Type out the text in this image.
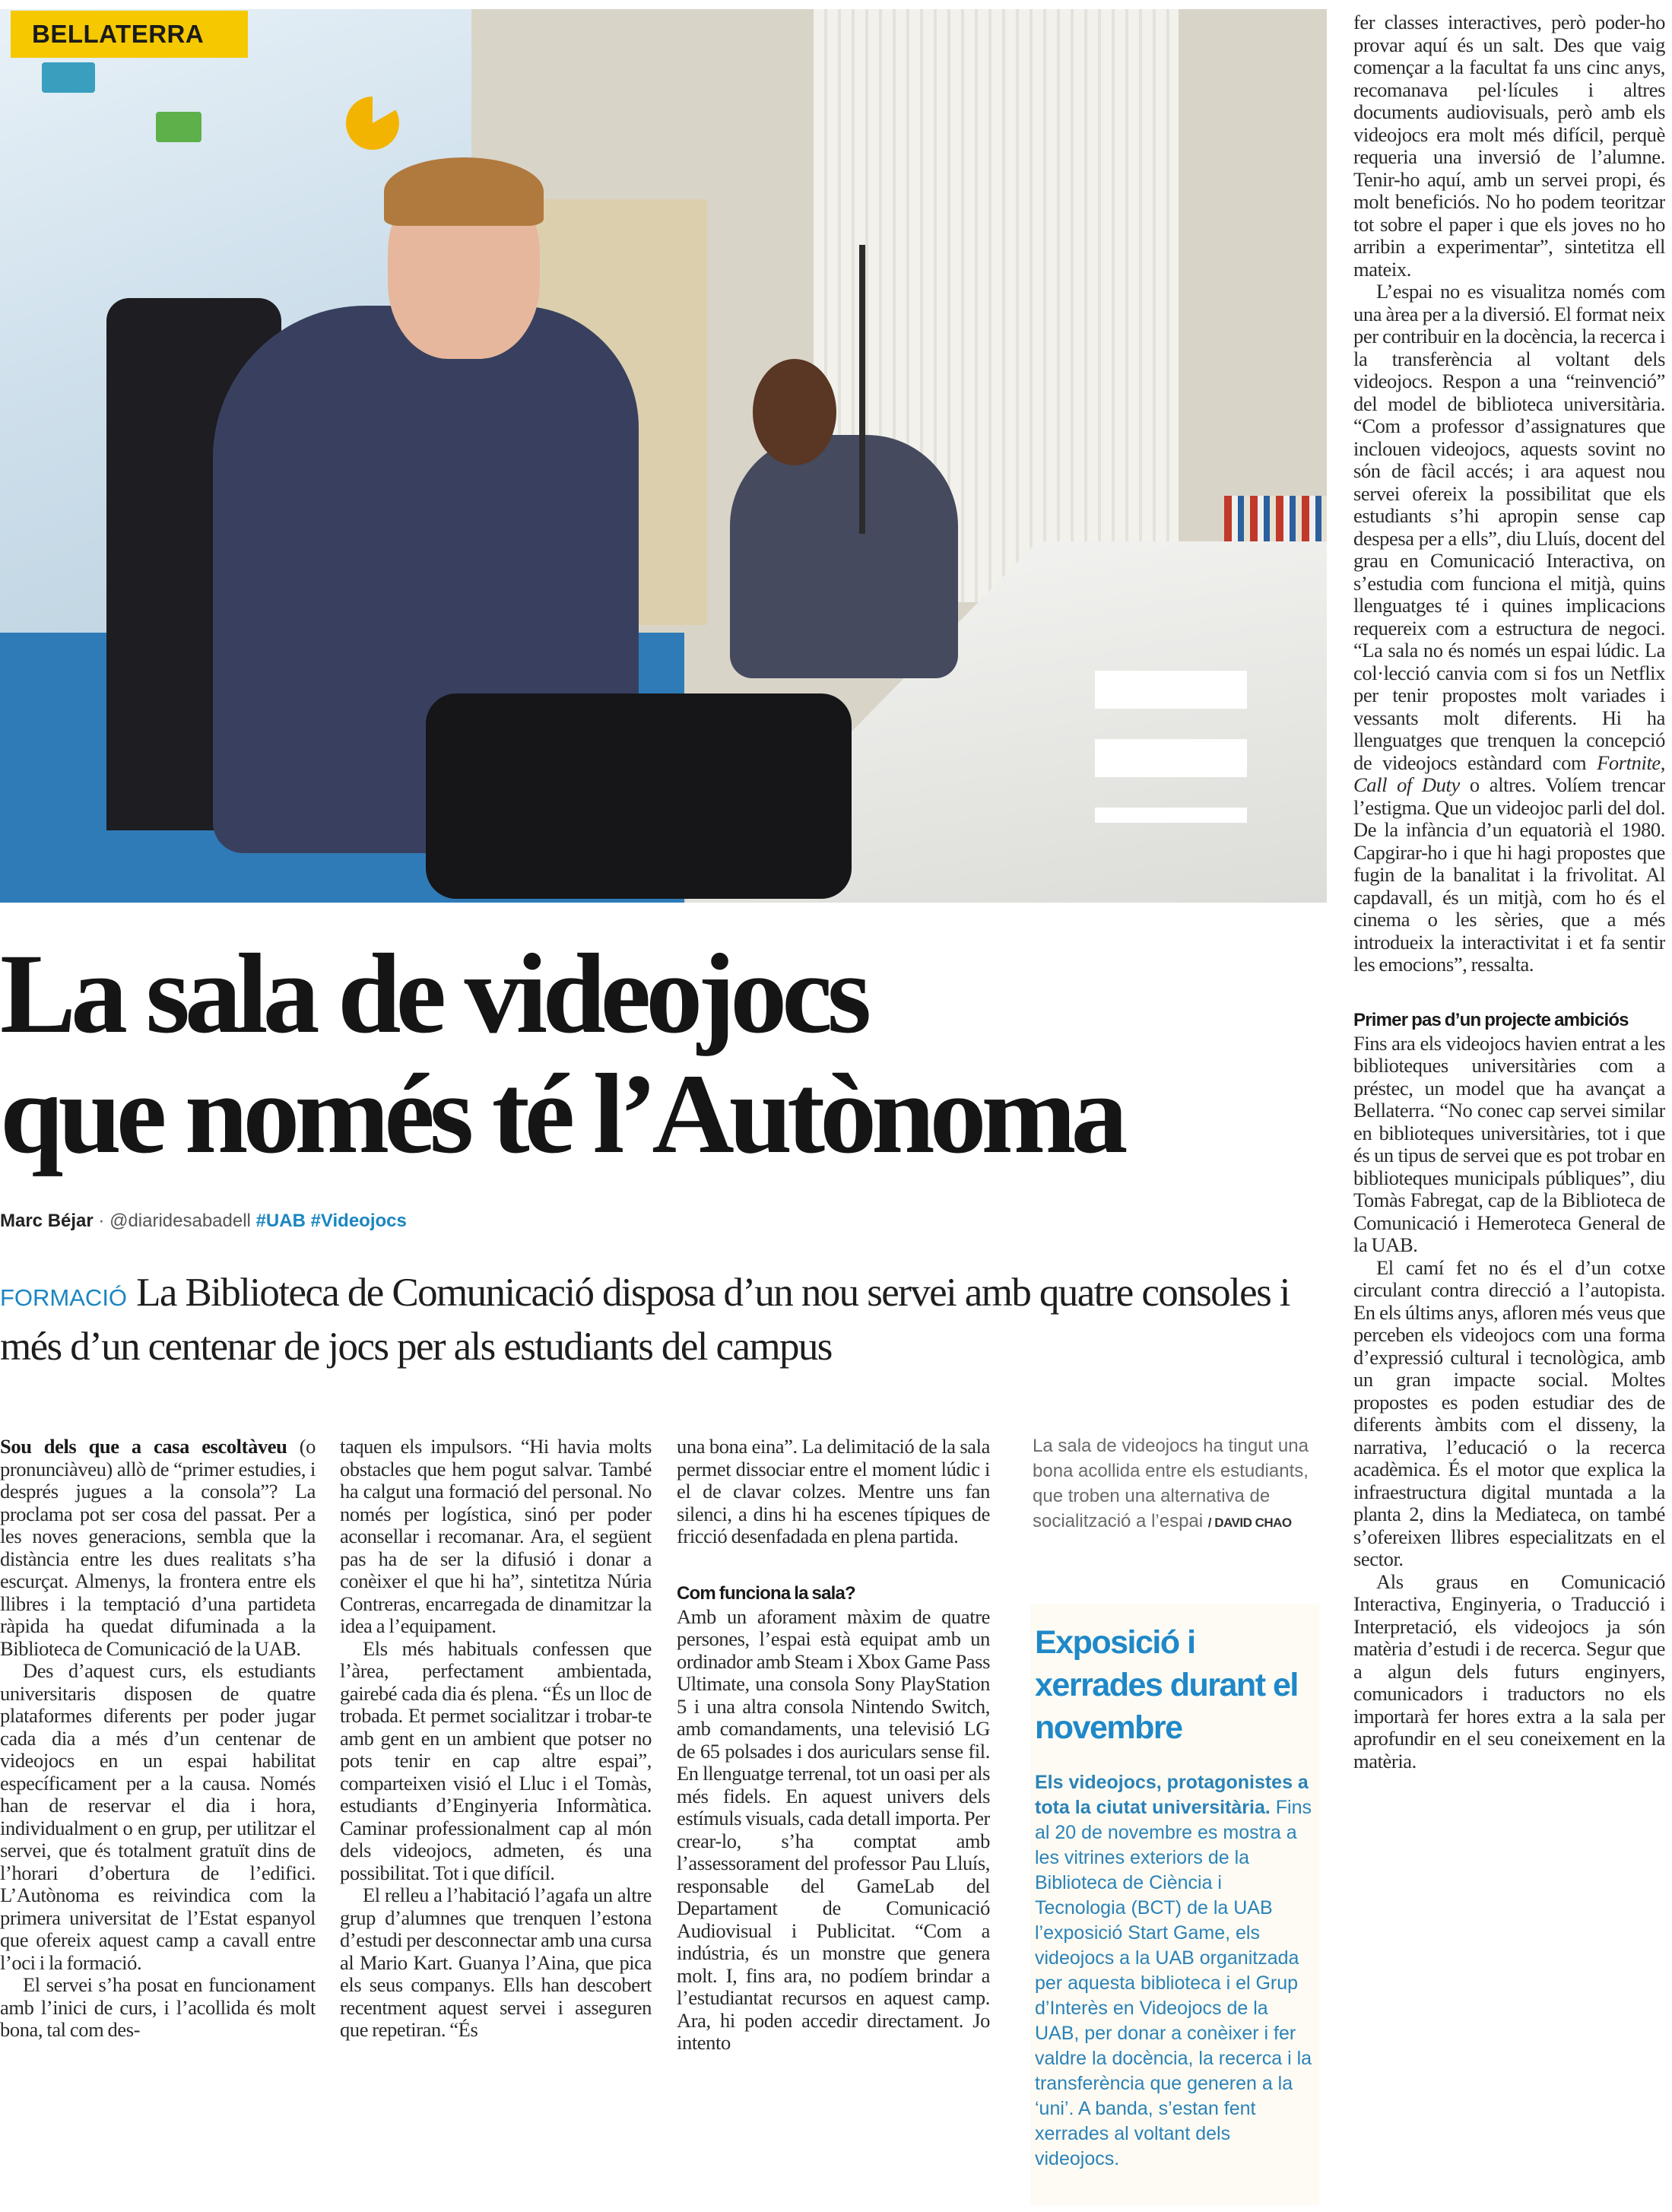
BELLATERRA
La sala de videojocs
que només té l’Autònoma
Marc Béjar · @diaridesabadell #UAB #Videojocs
FORMACIÓ La Biblioteca de Comunicació disposa d’un nou servei amb quatre consoles i més d’un centenar de jocs per als estudiants del campus

Sou dels que a casa escoltàveu (o pronunciàveu) allò de “primer estudies, i després jugues a la consola”? La proclama pot ser cosa del passat. Per a les noves generacions, sembla que la distància entre les dues realitats s’ha escurçat. Almenys, la frontera entre els llibres i la temptació d’una partideta ràpida ha quedat difuminada a la Biblioteca de Comunicació de la UAB.

Des d’aquest curs, els estudiants universitaris disposen de quatre plataformes diferents per poder jugar cada dia a més d’un centenar de videojocs en un espai habilitat específicament per a la causa. Només han de reservar el dia i hora, individualment o en grup, per utilitzar el servei, que és totalment gratuït dins de l’horari d’obertura de l’edifici. L’Autònoma es reivindica com la primera universitat de l’Estat espanyol que ofereix aquest camp a cavall entre l’oci i la formació.

El servei s’ha posat en funcionament amb l’inici de curs, i l’acollida és molt bona, tal com des-

taquen els impulsors. “Hi havia molts obstacles que hem pogut salvar. També ha calgut una formació del personal. No només per logística, sinó per poder aconsellar i recomanar. Ara, el següent pas ha de ser la difusió i donar a conèixer el que hi ha”, sintetitza Núria Contreras, encarregada de dinamitzar la idea a l’equipament.

Els més habituals confessen que l’àrea, perfectament ambientada, gairebé cada dia és plena. “És un lloc de trobada. Et permet socialitzar i trobar-te amb gent en un ambient que potser no pots tenir en cap altre espai”, comparteixen visió el Lluc i el Tomàs, estudiants d’Enginyeria Informàtica. Caminar professionalment cap al món dels videojocs, admeten, és una possibilitat. Tot i que difícil.

El relleu a l’habitació l’agafa un altre grup d’alumnes que trenquen l’estona d’estudi per desconnectar amb una cursa al Mario Kart. Guanya l’Aina, que pica els seus companys. Ells han descobert recentment aquest servei i asseguren que repetiran. “És

una bona eina”. La delimitació de la sala permet dissociar entre el moment lúdic i el de clavar colzes. Mentre uns fan silenci, a dins hi ha escenes típiques de fricció desenfadada en plena partida.

Com funciona la sala?

Amb un aforament màxim de quatre persones, l’espai està equipat amb un ordinador amb Steam i Xbox Game Pass Ultimate, una consola Sony PlayStation 5 i una altra consola Nintendo Switch, amb comandaments, una televisió LG de 65 polsades i dos auriculars sense fil. En llenguatge terrenal, tot un oasi per als més fidels. En aquest univers dels estímuls visuals, cada detall importa. Per crear-lo, s’ha comptat amb l’assessorament del professor Pau Lluís, responsable del GameLab del Departament de Comunicació Audiovisual i Publicitat. “Com a indústria, és un monstre que genera molt. I, fins ara, no podíem brindar a l’estudiantat recursos en aquest camp. Ara, hi poden accedir directament. Jo intento

La sala de videojocs ha tingut una bona acollida entre els estudiants, que troben una alternativa de socialització a l’espai / DAVID CHAO
Exposició i xerrades durant el novembre
Els videojocs, protagonistes a tota la ciutat universitària. Fins al 20 de novembre es mostra a les vitrines exteriors de la Biblioteca de Ciència i Tecnologia (BCT) de la UAB l’exposició Start Game, els videojocs a la UAB organitzada per aquesta biblioteca i el Grup d’Interès en Videojocs de la UAB, per donar a conèixer i fer valdre la docència, la recerca i la transferència que generen a la ‘uni’. A banda, s’estan fent xerrades al voltant dels videojocs.

fer classes interactives, però poder-ho provar aquí és un salt. Des que vaig començar a la facultat fa uns cinc anys, recomanava pel·lícules i altres documents audiovisuals, però amb els videojocs era molt més difícil, perquè requeria una inversió de l’alumne. Tenir-ho aquí, amb un servei propi, és molt beneficiós. No ho podem teoritzar tot sobre el paper i que els joves no ho arribin a experimentar”, sintetitza ell mateix.

L’espai no es visualitza només com una àrea per a la diversió. El format neix per contribuir en la docència, la recerca i la transferència al voltant dels videojocs. Respon a una “reinvenció” del model de biblioteca universitària. “Com a professor d’assignatures que inclouen videojocs, aquests sovint no són de fàcil accés; i ara aquest nou servei ofereix la possibilitat que els estudiants s’hi apropin sense cap despesa per a ells”, diu Lluís, docent del grau en Comunicació Interactiva, on s’estudia com funciona el mitjà, quins llenguatges té i quines implicacions requereix com a estructura de negoci. “La sala no és només un espai lúdic. La col·lecció canvia com si fos un Netflix per tenir propostes molt variades i vessants molt diferents. Hi ha llenguatges que trenquen la concepció de videojocs estàndard com Fortnite, Call of Duty o altres. Volíem trencar l’estigma. Que un videojoc parli del dol. De la infància d’un equatorià el 1980. Capgirar-ho i que hi hagi propostes que fugin de la banalitat i la frivolitat. Al capdavall, és un mitjà, com ho és el cinema o les sèries, que a més introdueix la interactivitat i et fa sentir les emocions”, ressalta.

Primer pas d’un projecte ambiciós

Fins ara els videojocs havien entrat a les biblioteques universitàries com a préstec, un model que ha avançat a Bellaterra. “No conec cap servei similar en biblioteques universitàries, tot i que és un tipus de servei que es pot trobar en biblioteques municipals públiques”, diu Tomàs Fabregat, cap de la Biblioteca de Comunicació i Hemeroteca General de la UAB.

El camí fet no és el d’un cotxe circulant contra direcció a l’autopista. En els últims anys, afloren més veus que perceben els videojocs com una forma d’expressió cultural i tecnològica, amb un gran impacte social. Moltes propostes es poden estudiar des de diferents àmbits com el disseny, la narrativa, l’educació o la recerca acadèmica. És el motor que explica la infraestructura digital muntada a la planta 2, dins la Mediateca, on també s’ofereixen llibres especialitzats en el sector.

Als graus en Comunicació Interactiva, Enginyeria, o Traducció i Interpretació, els videojocs ja són matèria d’estudi i de recerca. Segur que a algun dels futurs enginyers, comunicadors i traductors no els importarà fer hores extra a la sala per aprofundir en el seu coneixement en la matèria.
